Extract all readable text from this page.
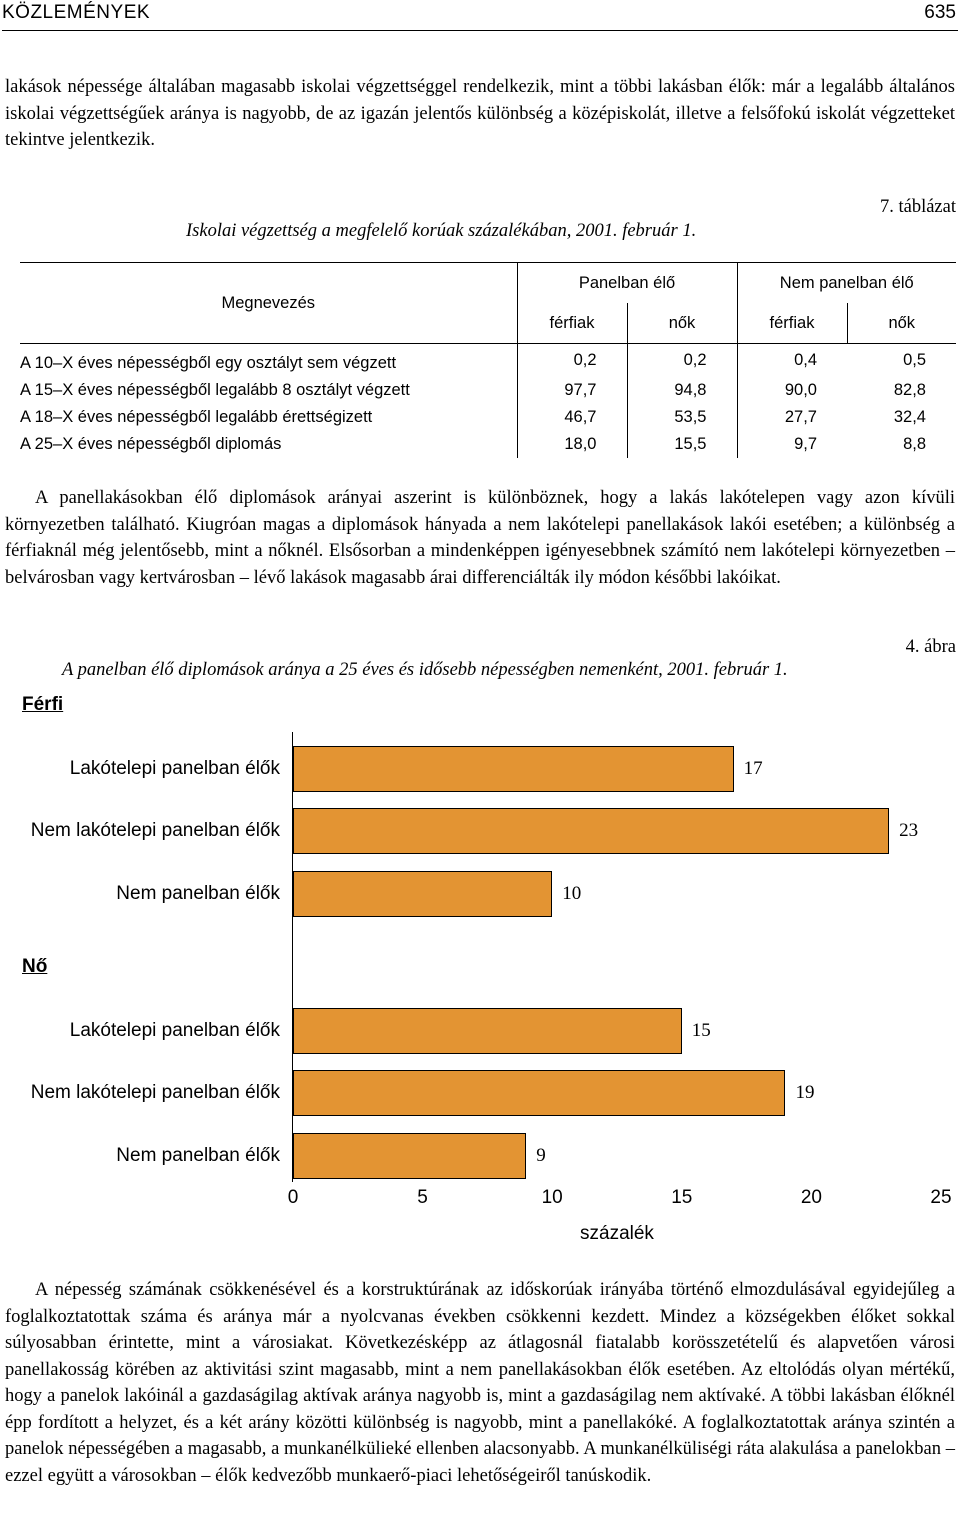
KÖZLEMÉNYEK	635

lakások népessége általában magasabb iskolai végzettséggel rendelkezik, mint a többi lakásban élők: már a legalább általános iskolai végzettségűek aránya is nagyobb, de az igazán jelentős különbség a középiskolát, illetve a felsőfokú iskolát végzetteket tekintve jelentkezik.

7. táblázat
Iskolai végzettség a megfelelő korúak százalékában, 2001. február 1.
Megnevezés	Panelban élő		Nem panelban élő	
	férfiak	nők	férfiak	nők
A 10–X éves népességből egy osztályt sem végzett	0,2	0,2	0,4	0,5
A 15–X éves népességből legalább 8 osztályt végzett	97,7	94,8	90,0	82,8
A 18–X éves népességből legalább érettségizett	46,7	53,5	27,7	32,4
A 25–X éves népességből diplomás	18,0	15,5	9,7	8,8

A panellakásokban élő diplomások arányai aszerint is különböznek, hogy a lakás lakótelepen vagy azon kívüli környezetben található. Kiugróan magas a diplomások hányada a nem lakótelepi panellakások lakói esetében; a különbség a férfiaknál még jelentősebb, mint a nőknél. Elsősorban a mindenképpen igényesebbnek számító nem lakótelepi környezetben – belvárosban vagy kertvárosban – lévő lakások magasabb árai differenciálták ily módon későbbi lakóikat.

4. ábra
A panelban élő diplomások aránya a 25 éves és idősebb népességben nemenként, 2001. február 1.
Férfi
Lakótelepi panelban élők	17
Nem lakótelepi panelban élők	23
Nem panelban élők	10
Nő
Lakótelepi panelban élők	15
Nem lakótelepi panelban élők	19
Nem panelban élők	9
0	5	10	15	20	25
százalék

A népesség számának csökkenésével és a korstruktúrának az időskorúak irányába történő elmozdulásával egyidejűleg a foglalkoztatottak száma és aránya már a nyolcvanas években csökkenni kezdett. Mindez a községekben élőket sokkal súlyosabban érintette, mint a városiakat. Következésképp az átlagosnál fiatalabb korösszetételű és alapvetően városi panellakosság körében az aktivitási szint magasabb, mint a nem panellakásokban élők esetében. Az eltolódás olyan mértékű, hogy a panelok lakóinál a gazdaságilag aktívak aránya nagyobb is, mint a gazdaságilag nem aktívaké. A többi lakásban élőknél épp fordított a helyzet, és a két arány közötti különbség is nagyobb, mint a panellakóké. A foglalkoztatottak aránya szintén a panelok népességében a magasabb, a munkanélkülieké ellenben alacsonyabb. A munkanélküliségi ráta alakulása a panelokban – ezzel együtt a városokban – élők kedvezőbb munkaerő-piaci lehetőségeiről tanúskodik.
